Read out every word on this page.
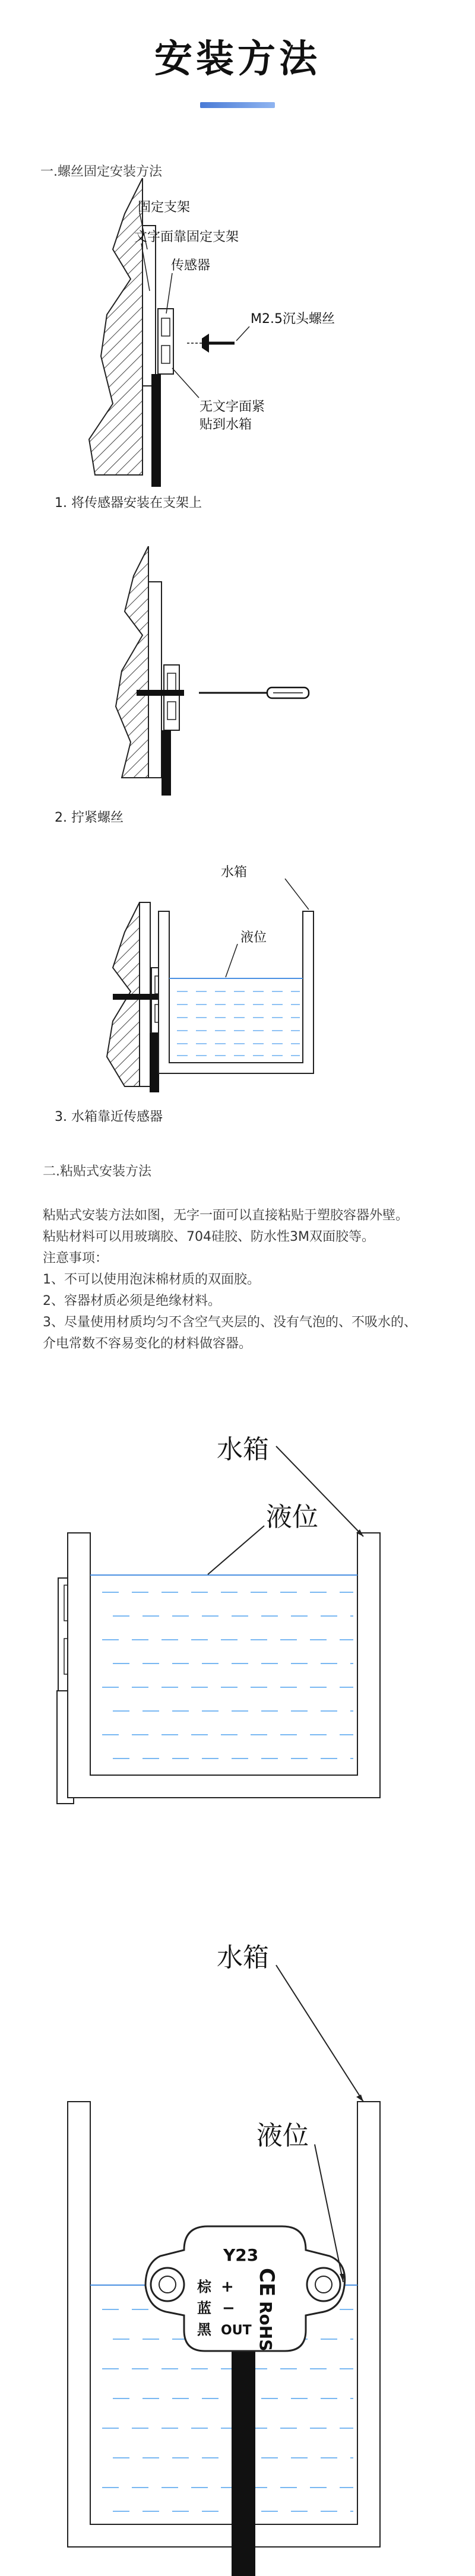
安装方法
一.螺丝固定安装方法
固定支架
文字面靠固定支架
传感器
M2.5沉头螺丝
无文字面紧
贴到水箱
1. 将传感器安装在支架上
2. 拧紧螺丝
水箱
液位
3. 水箱靠近传感器
二.粘贴式安装方法
粘贴式安装方法如图，无字一面可以直接粘贴于塑胶容器外壁。
粘贴材料可以用玻璃胶、704硅胶、防水性3M双面胶等。
注意事项：
1、不可以使用泡沫棉材质的双面胶。
2、容器材质必须是绝缘材料。
3、尽量使用材质均匀不含空气夹层的、没有气泡的、不吸水的、
介电常数不容易变化的材料做容器。
水箱
液位
Y23
棕 +
蓝 −
黑 OUT
CE
RoHS
水箱
液位
